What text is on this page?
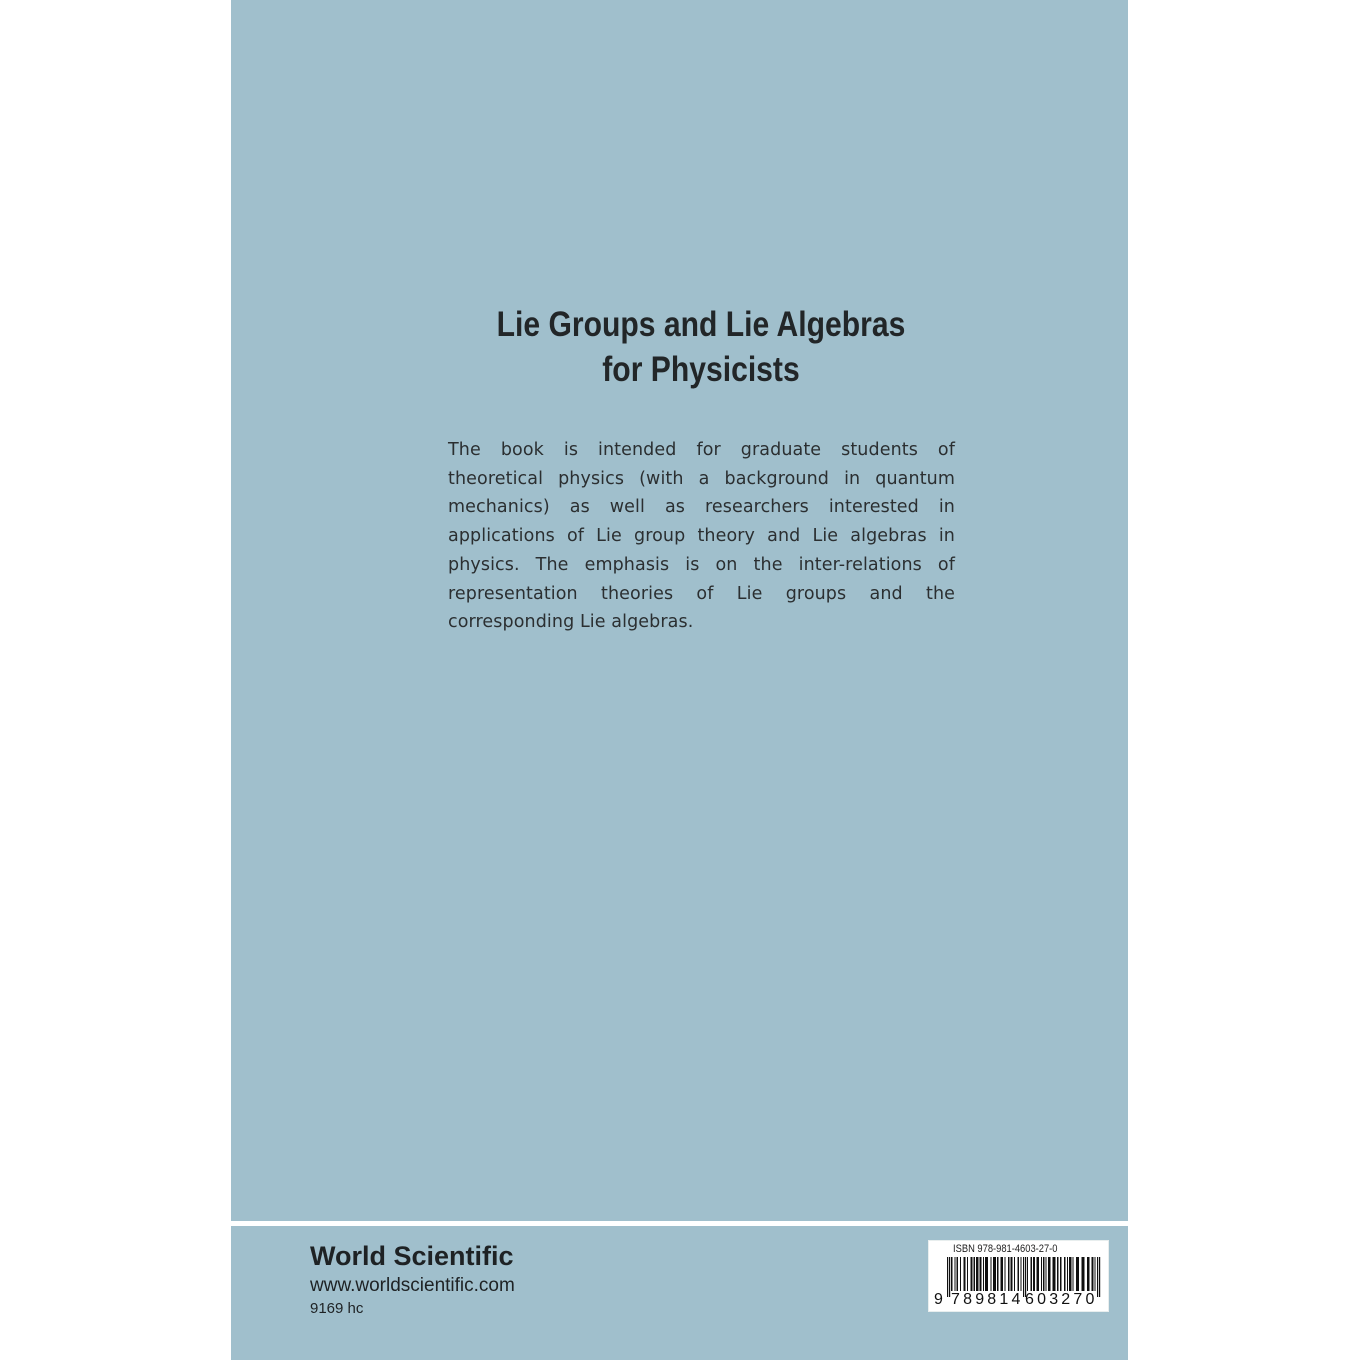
Lie Groups and Lie Algebras
for Physicists

The book is intended for graduate students of theoretical physics (with a background in quantum mechanics) as well as researchers interested in applications of Lie group theory and Lie algebras in physics. The emphasis is on the inter-relations of representation theories of Lie groups and the corresponding Lie algebras.

World Scientific
www.worldscientific.com
9169 hc
ISBN 978-981-4603-27-0
9 789814 603270
